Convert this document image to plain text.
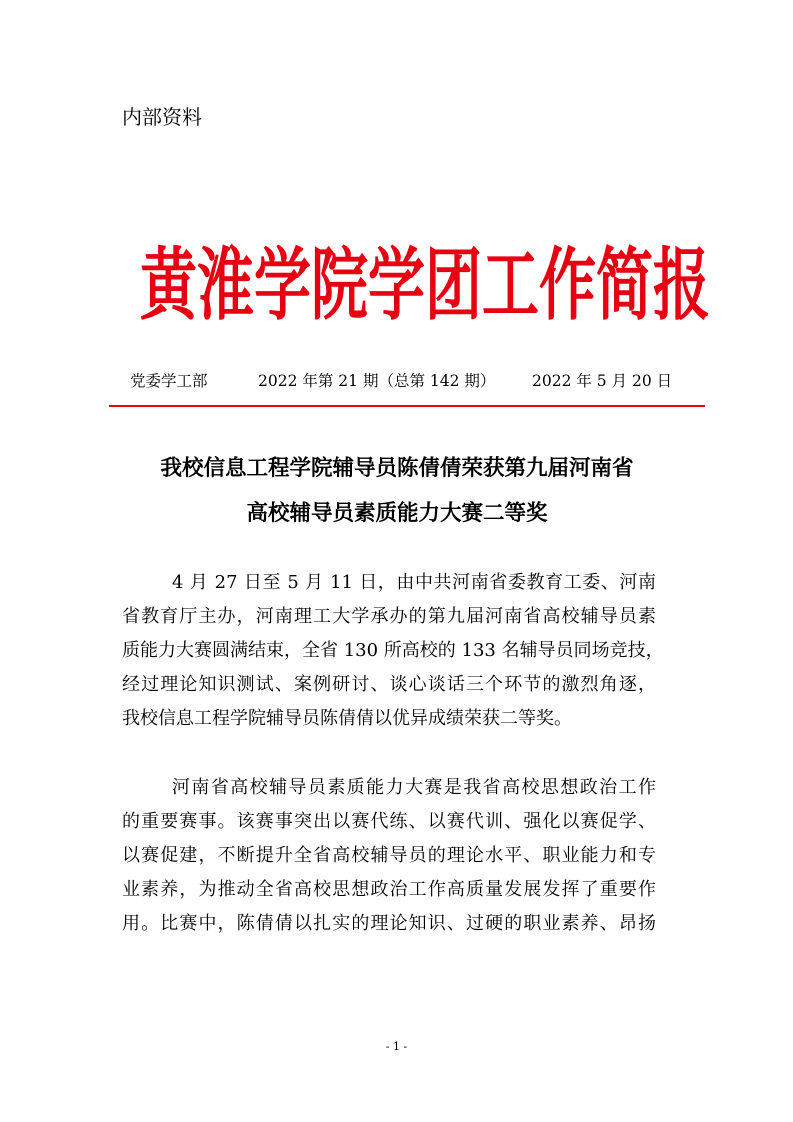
内部资料
黄淮学院学团工作简报
党委学工部	2022 年第 21 期（总第 142 期） 2022 年 5 月 20 日
我校信息工程学院辅导员陈倩倩荣获第九届河南省
高校辅导员素质能力大赛二等奖
4 月 27 日至 5 月 11 日，由中共河南省委教育工委、河南
省教育厅主办，河南理工大学承办的第九届河南省高校辅导员素
质能力大赛圆满结束，全省 130 所高校的 133 名辅导员同场竞技，
经过理论知识测试、案例研讨、谈心谈话三个环节的激烈角逐，
我校信息工程学院辅导员陈倩倩以优异成绩荣获二等奖。
河南省高校辅导员素质能力大赛是我省高校思想政治工作
的重要赛事。该赛事突出以赛代练、以赛代训、强化以赛促学、
以赛促建，不断提升全省高校辅导员的理论水平、职业能力和专
业素养，为推动全省高校思想政治工作高质量发展发挥了重要作
用。比赛中，陈倩倩以扎实的理论知识、过硬的职业素养、昂扬
- 1 -
